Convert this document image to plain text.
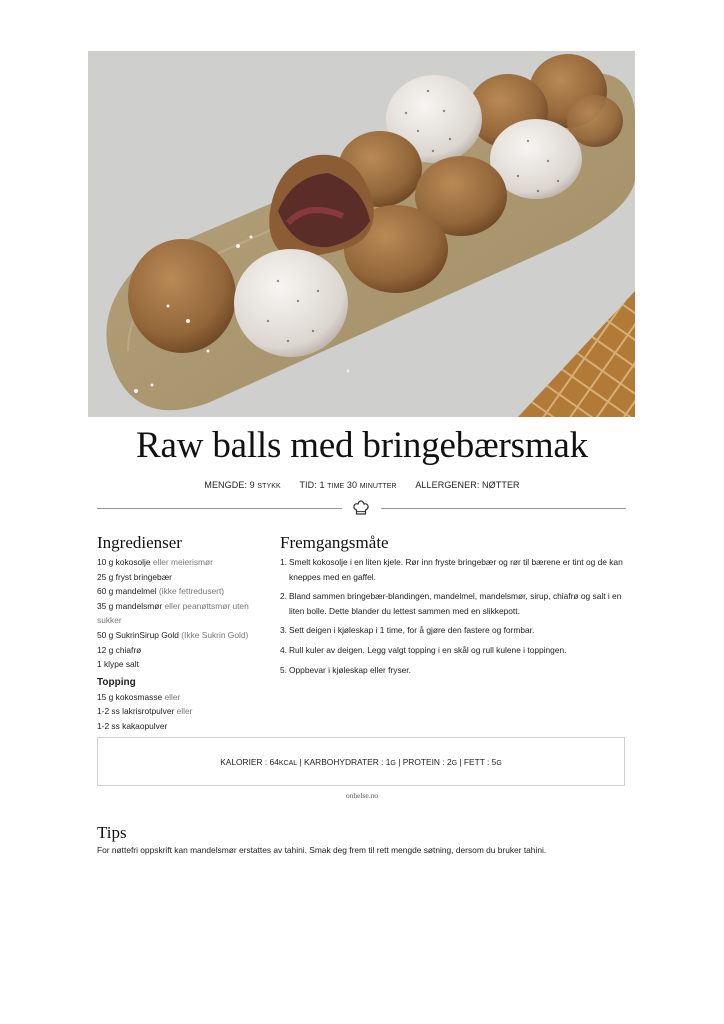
Raw balls med bringebærsmak
MENGDE: 9 STYKK TID: 1 TIME 30 MINUTTER ALLERGENER: NØTTER
Ingredienser	Fremgangsmåte
10 g kokosolje eller meierismør
25 g fryst bringebær
60 g mandelmel (ikke fettredusert)
35 g mandelsmør eller peanøttsmør uten sukker
50 g SukrinSirup Gold (Ikke Sukrin Gold)
12 g chiafrø
1 klype salt
Topping
15 g kokosmasse eller
1-2 ss lakrisrotpulver eller
1-2 ss kakaopulver
1. Smelt kokosolje i en liten kjele. Rør inn fryste bringebær og rør til bærene er tint og de kan kneppes med en gaffel.
2. Bland sammen bringebær-blandingen, mandelmel, mandelsmør, sirup, chiafrø og salt i en liten bolle. Dette blander du lettest sammen med en slikkepott.
3. Sett deigen i kjøleskap i 1 time, for å gjøre den fastere og formbar.
4. Rull kuler av deigen. Legg valgt topping i en skål og rull kulene i toppingen.
5. Oppbevar i kjøleskap eller fryser.
KALORIER : 64KCAL | KARBOHYDRATER : 1G | PROTEIN : 2G | FETT : 5G
onhelse.no
Tips
For nøttefri oppskrift kan mandelsmør erstattes av tahini. Smak deg frem til rett mengde søtning, dersom du bruker tahini.
